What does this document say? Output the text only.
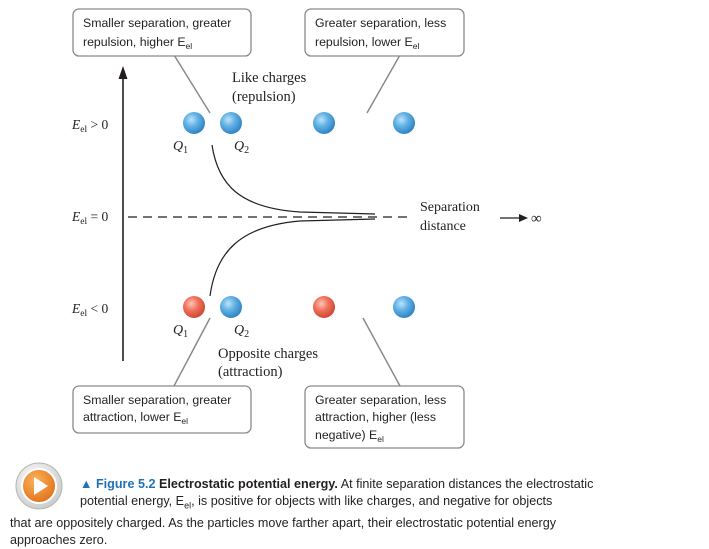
Smaller separation, greater repulsion, higher $E_{el}$
Greater separation, less repulsion, lower $E_{el}$
Smaller separation, greater attraction, lower $E_{el}$
Greater separation, less attraction, higher (less negative) $E_{el}$
$E_{el} > 0$
$E_{el} = 0$
$E_{el} < 0$
Separation distance	∞
Like charges (repulsion)
Opposite charges (attraction)
$Q_1$	$Q_2$
$Q_1$	$Q_2$
▲ Figure 5.2 Electrostatic potential energy. At finite separation distances the electrostatic
potential energy, $E_{el}$, is positive for objects with like charges, and negative for objects
that are oppositely charged. As the particles move farther apart, their electrostatic potential energy
approaches zero.
